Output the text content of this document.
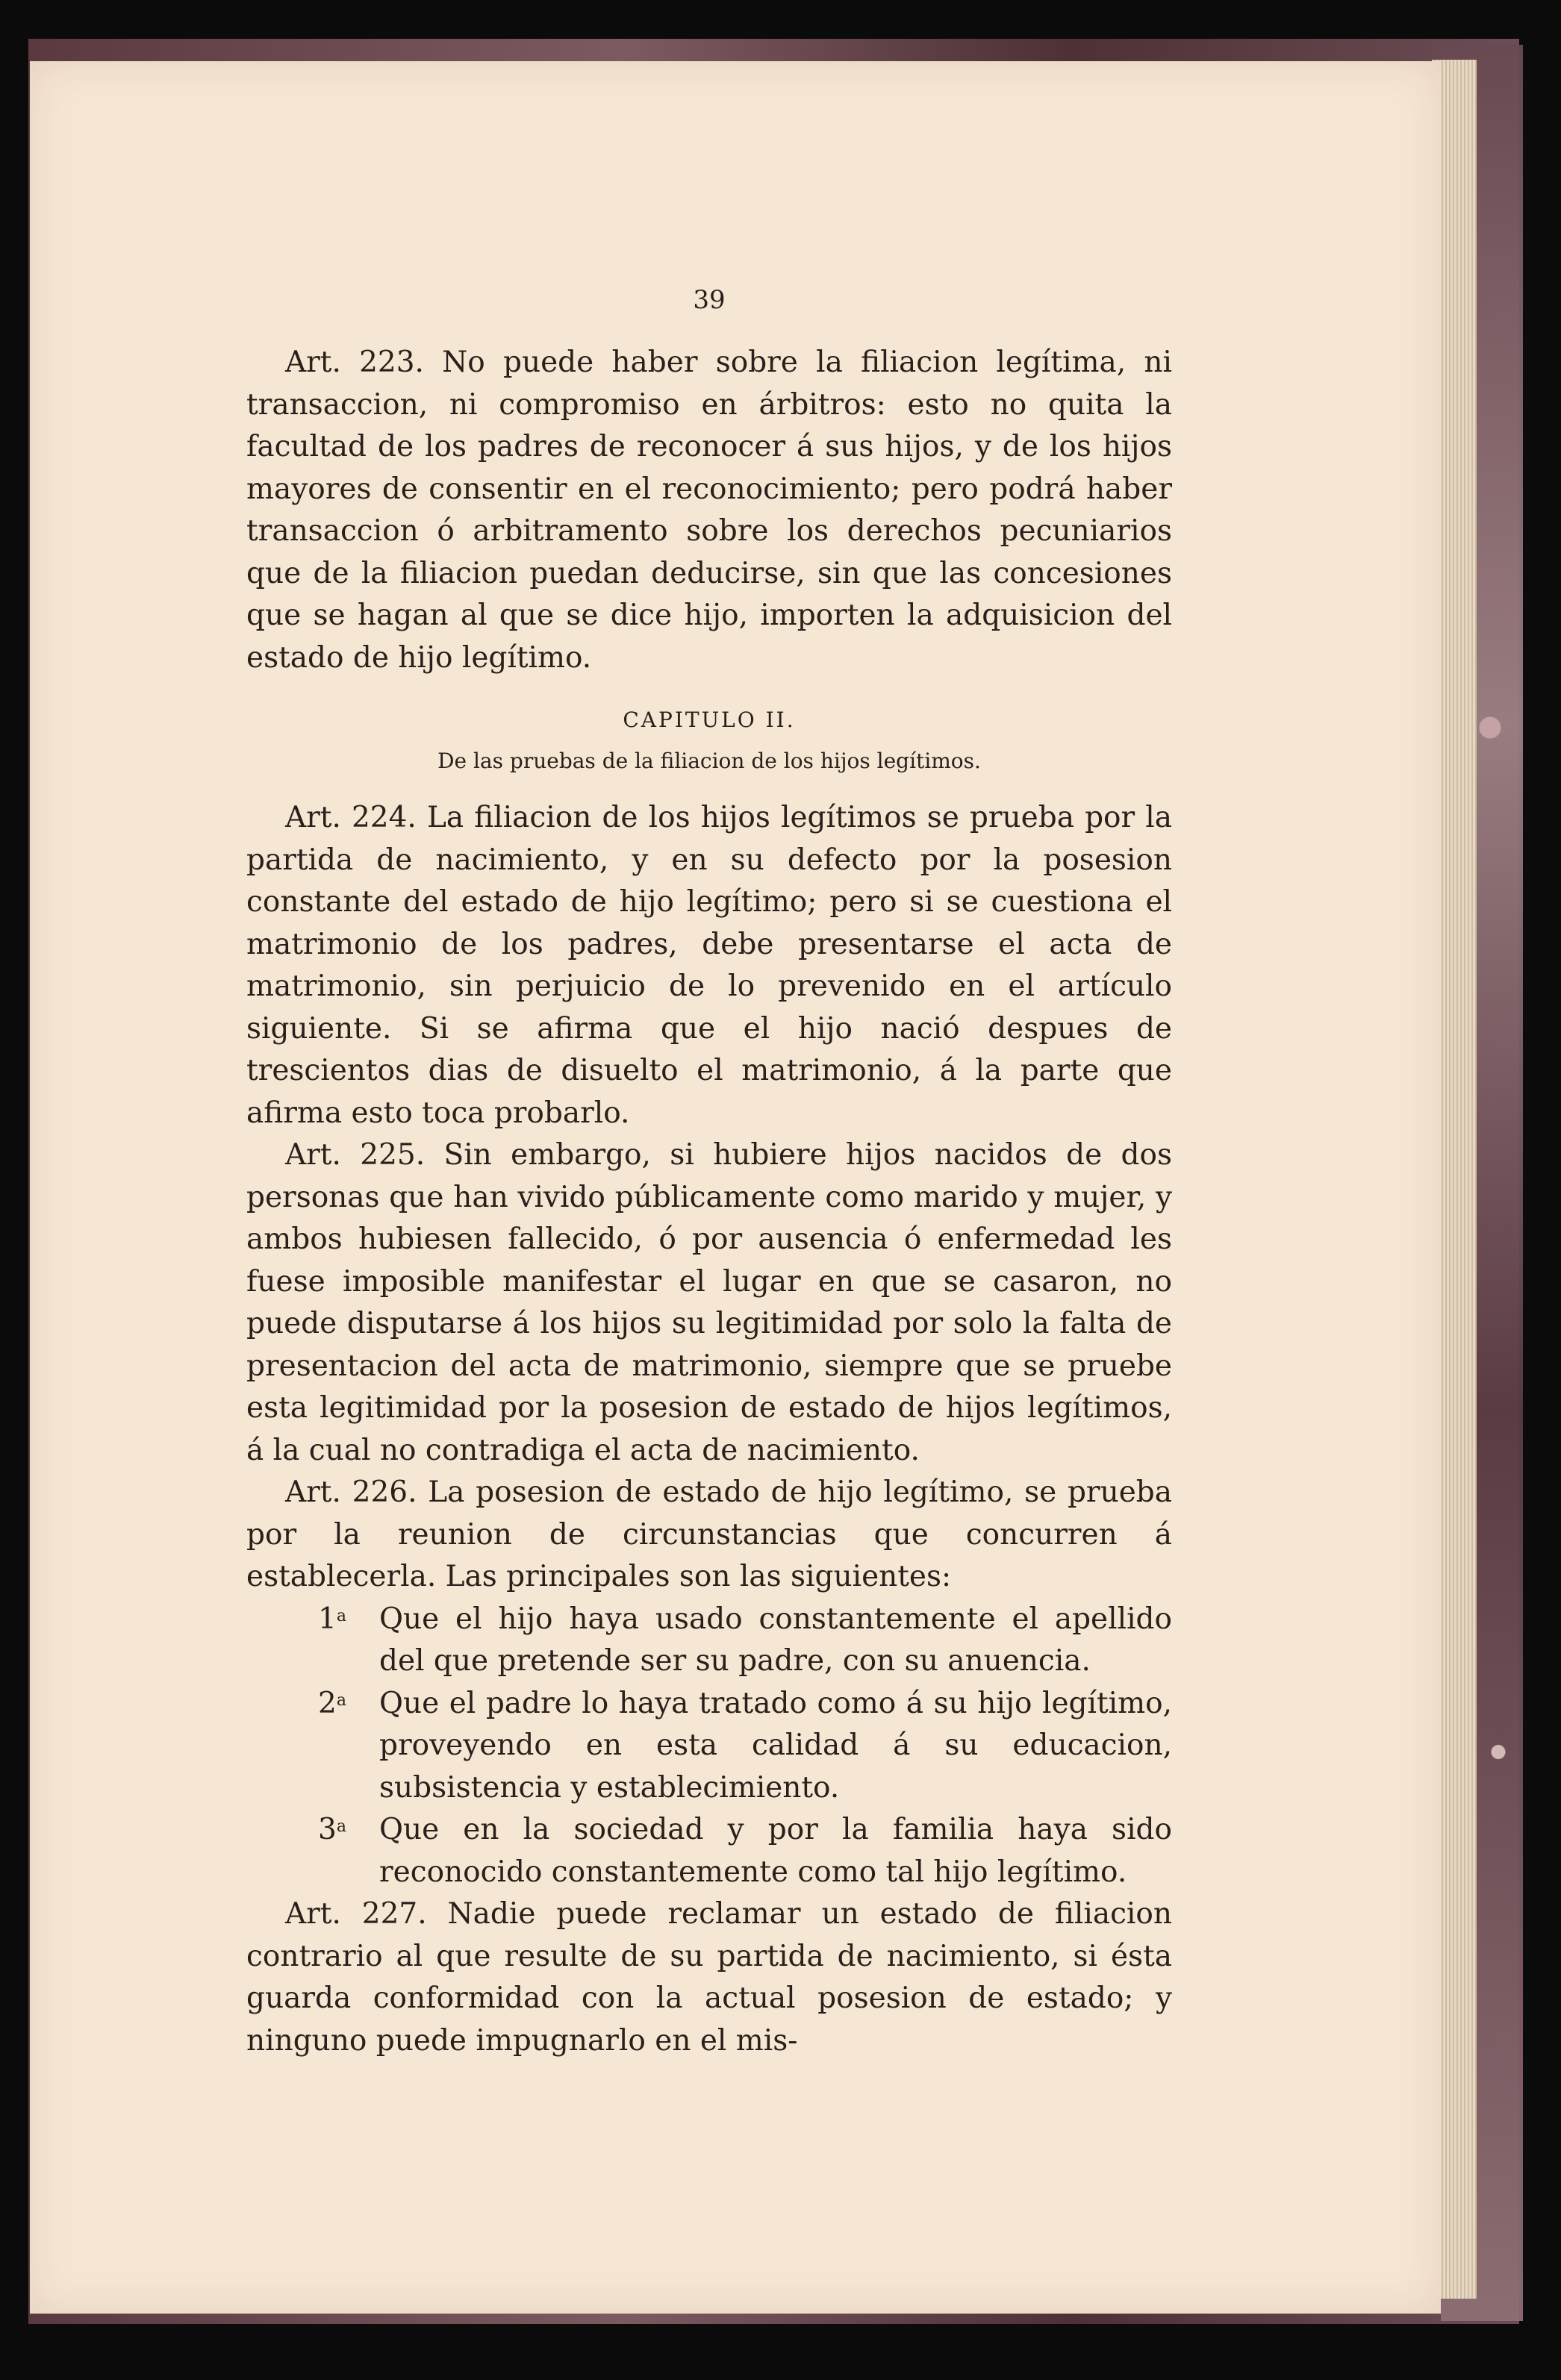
39

Art. 223. No puede haber sobre la filiacion legítima, ni transaccion, ni compromiso en árbitros: esto no quita la facultad de los padres de reconocer á sus hijos, y de los hijos mayores de consentir en el reconocimiento; pero podrá haber transaccion ó arbitramento sobre los derechos pecuniarios que de la filiacion puedan deducirse, sin que las concesiones que se hagan al que se dice hijo, importen la adquisicion del estado de hijo legítimo.

CAPITULO II.
De las pruebas de la filiacion de los hijos legítimos.

Art. 224. La filiacion de los hijos legítimos se prueba por la partida de nacimiento, y en su defecto por la posesion constante del estado de hijo legítimo; pero si se cuestiona el matrimonio de los padres, debe presentarse el acta de matrimonio, sin perjuicio de lo prevenido en el artículo siguiente. Si se afirma que el hijo nació despues de trescientos dias de disuelto el matrimonio, á la parte que afirma esto toca probarlo.

Art. 225. Sin embargo, si hubiere hijos nacidos de dos personas que han vivido públicamente como marido y mujer, y ambos hubiesen fallecido, ó por ausencia ó enfermedad les fuese imposible manifestar el lugar en que se casaron, no puede disputarse á los hijos su legitimidad por solo la falta de presentacion del acta de matrimonio, siempre que se pruebe esta legitimidad por la posesion de estado de hijos legítimos, á la cual no contradiga el acta de nacimiento.

Art. 226. La posesion de estado de hijo legítimo, se prueba por la reunion de circunstancias que concurren á establecerla. Las principales son las siguientes:

1$^a$ Que el hijo haya usado constantemente el apellido del que pretende ser su padre, con su anuencia.
2$^a$ Que el padre lo haya tratado como á su hijo legítimo, proveyendo en esta calidad á su educacion, subsistencia y establecimiento.
3$^a$ Que en la sociedad y por la familia haya sido reconocido constantemente como tal hijo legítimo.

Art. 227. Nadie puede reclamar un estado de filiacion contrario al que resulte de su partida de nacimiento, si ésta guarda conformidad con la actual posesion de estado; y ninguno puede impugnarlo en el mis-
